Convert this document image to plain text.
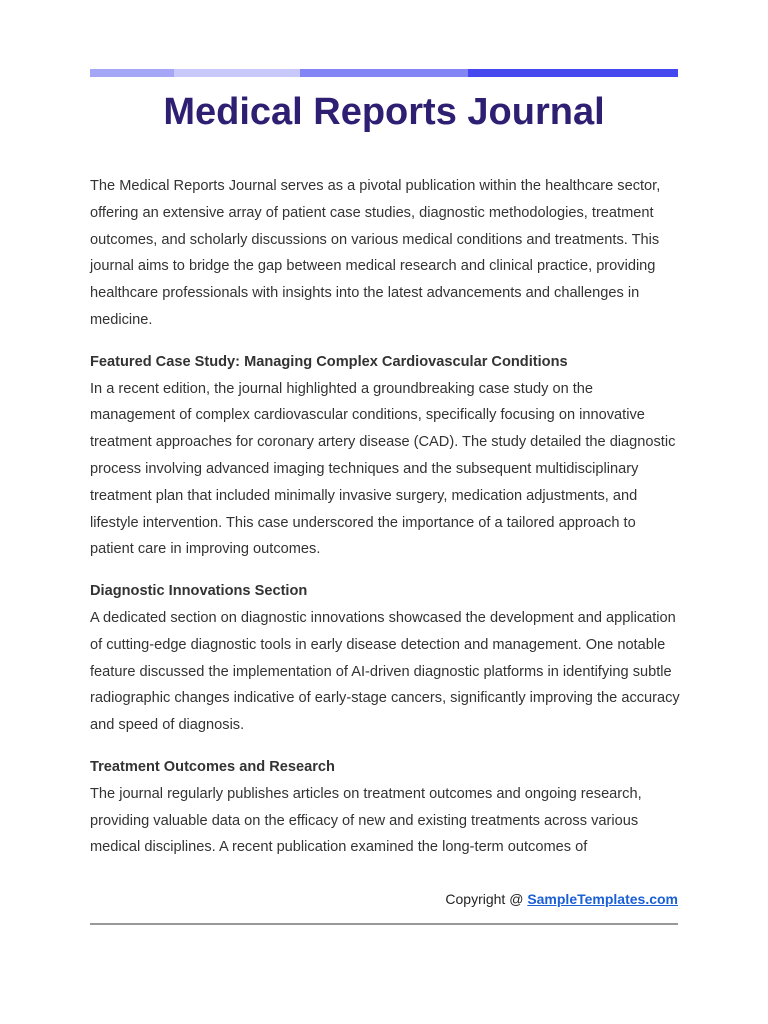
Medical Reports Journal

The Medical Reports Journal serves as a pivotal publication within the healthcare sector, offering an extensive array of patient case studies, diagnostic methodologies, treatment outcomes, and scholarly discussions on various medical conditions and treatments. This journal aims to bridge the gap between medical research and clinical practice, providing healthcare professionals with insights into the latest advancements and challenges in medicine.

Featured Case Study: Managing Complex Cardiovascular Conditions

In a recent edition, the journal highlighted a groundbreaking case study on the management of complex cardiovascular conditions, specifically focusing on innovative treatment approaches for coronary artery disease (CAD). The study detailed the diagnostic process involving advanced imaging techniques and the subsequent multidisciplinary treatment plan that included minimally invasive surgery, medication adjustments, and lifestyle intervention. This case underscored the importance of a tailored approach to patient care in improving outcomes.

Diagnostic Innovations Section

A dedicated section on diagnostic innovations showcased the development and application of cutting-edge diagnostic tools in early disease detection and management. One notable feature discussed the implementation of AI-driven diagnostic platforms in identifying subtle radiographic changes indicative of early-stage cancers, significantly improving the accuracy and speed of diagnosis.

Treatment Outcomes and Research

The journal regularly publishes articles on treatment outcomes and ongoing research, providing valuable data on the efficacy of new and existing treatments across various medical disciplines. A recent publication examined the long-term outcomes of

Copyright @ SampleTemplates.com
